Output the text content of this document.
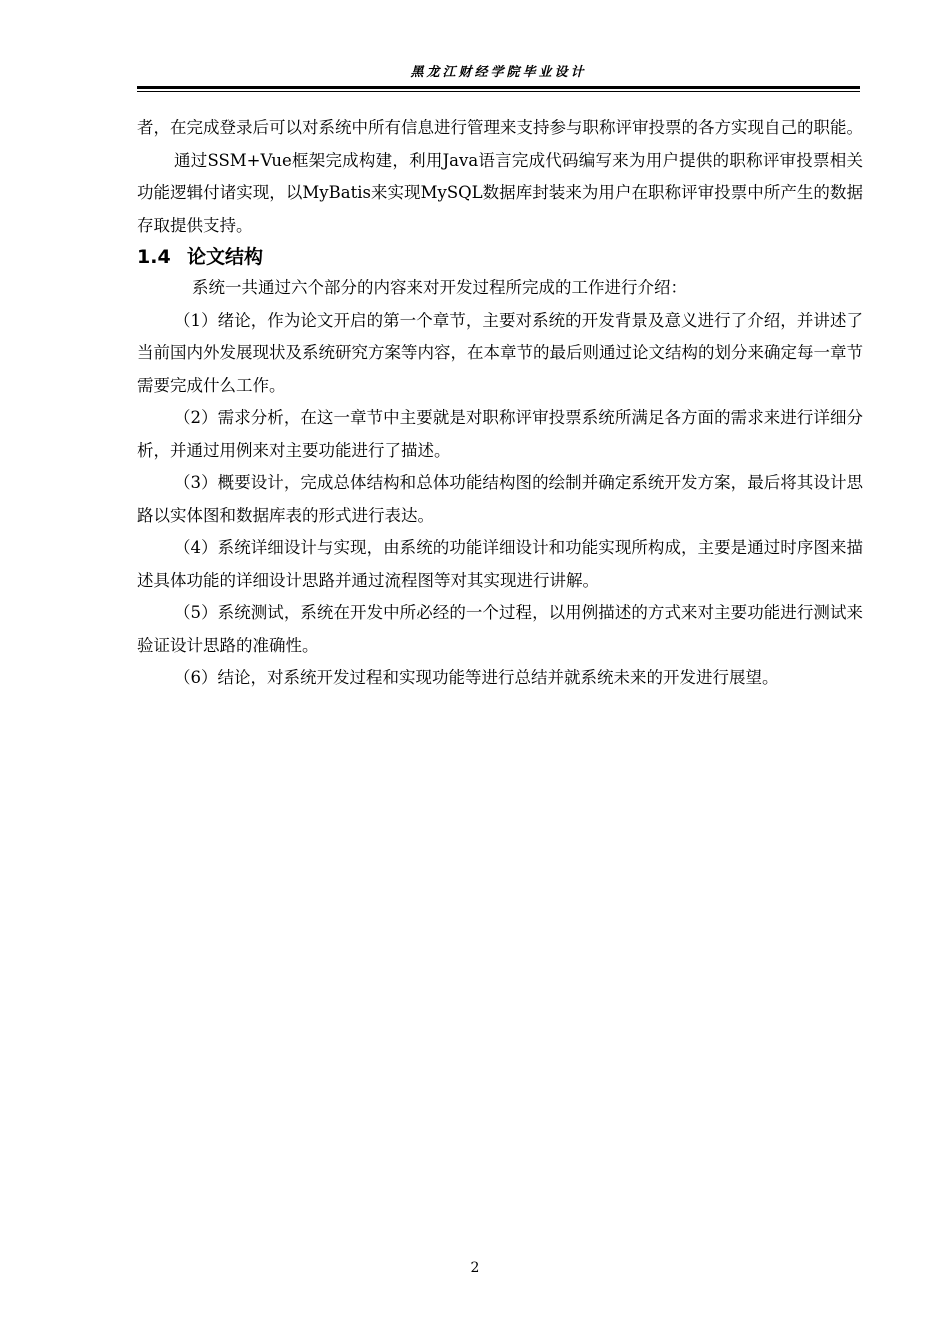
黑龙江财经学院毕业设计

者，在完成登录后可以对系统中所有信息进行管理来支持参与职称评审投票的各方实现自己的职能。

通过SSM+Vue框架完成构建，利用Java语言完成代码编写来为用户提供的职称评审投票相关功能逻辑付诸实现，以MyBatis来实现MySQL数据库封装来为用户在职称评审投票中所产生的数据存取提供支持。

1.4 论文结构

系统一共通过六个部分的内容来对开发过程所完成的工作进行介绍：

（1）绪论，作为论文开启的第一个章节，主要对系统的开发背景及意义进行了介绍，并讲述了当前国内外发展现状及系统研究方案等内容，在本章节的最后则通过论文结构的划分来确定每一章节需要完成什么工作。

（2）需求分析，在这一章节中主要就是对职称评审投票系统所满足各方面的需求来进行详细分析，并通过用例来对主要功能进行了描述。

（3）概要设计，完成总体结构和总体功能结构图的绘制并确定系统开发方案，最后将其设计思路以实体图和数据库表的形式进行表达。

（4）系统详细设计与实现，由系统的功能详细设计和功能实现所构成，主要是通过时序图来描述具体功能的详细设计思路并通过流程图等对其实现进行讲解。

（5）系统测试，系统在开发中所必经的一个过程，以用例描述的方式来对主要功能进行测试来验证设计思路的准确性。

（6）结论，对系统开发过程和实现功能等进行总结并就系统未来的开发进行展望。

2
